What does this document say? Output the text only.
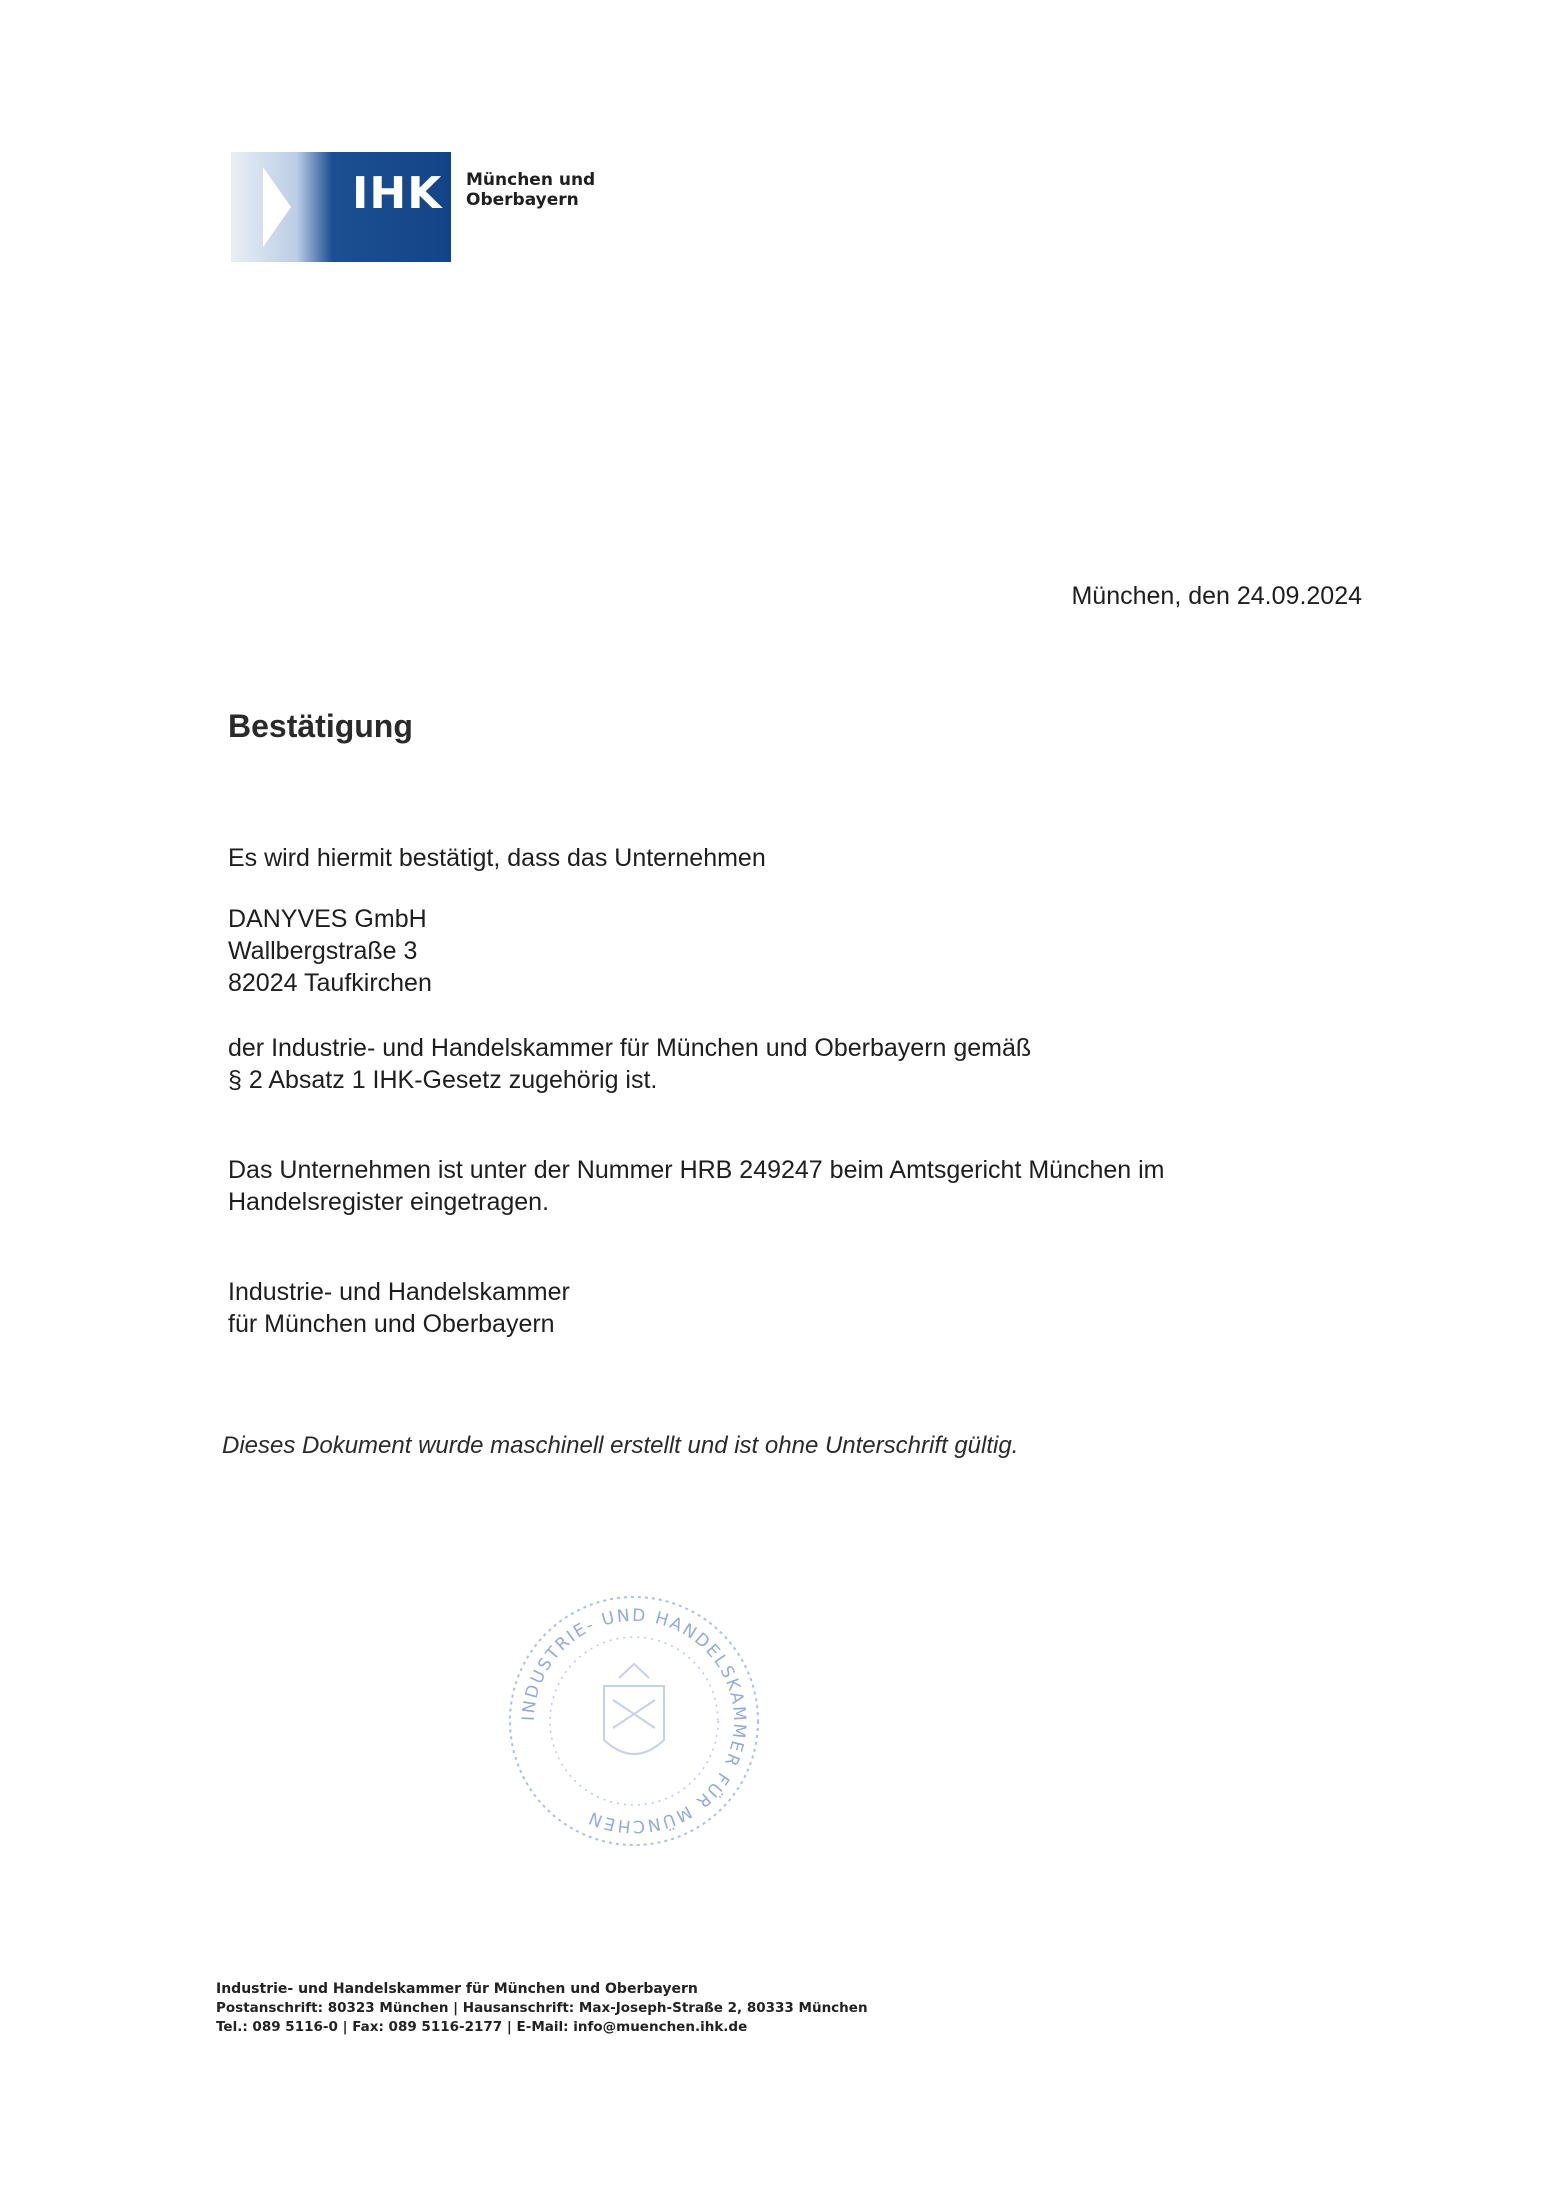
IHK München und
Oberbayern
München, den 24.09.2024
Bestätigung
Es wird hiermit bestätigt, dass das Unternehmen
DANYVES GmbH
Wallbergstraße 3
82024 Taufkirchen
der Industrie- und Handelskammer für München und Oberbayern gemäß
§ 2 Absatz 1 IHK-Gesetz zugehörig ist.
Das Unternehmen ist unter der Nummer HRB 249247 beim Amtsgericht München im
Handelsregister eingetragen.
Industrie- und Handelskammer
für München und Oberbayern
Dieses Dokument wurde maschinell erstellt und ist ohne Unterschrift gültig.
INDUSTRIE- UND HANDELSKAMMER FÜR MÜNCHEN
Industrie- und Handelskammer für München und Oberbayern
Postanschrift: 80323 München | Hausanschrift: Max-Joseph-Straße 2, 80333 München
Tel.: 089 5116-0 | Fax: 089 5116-2177 | E-Mail: info@muenchen.ihk.de
